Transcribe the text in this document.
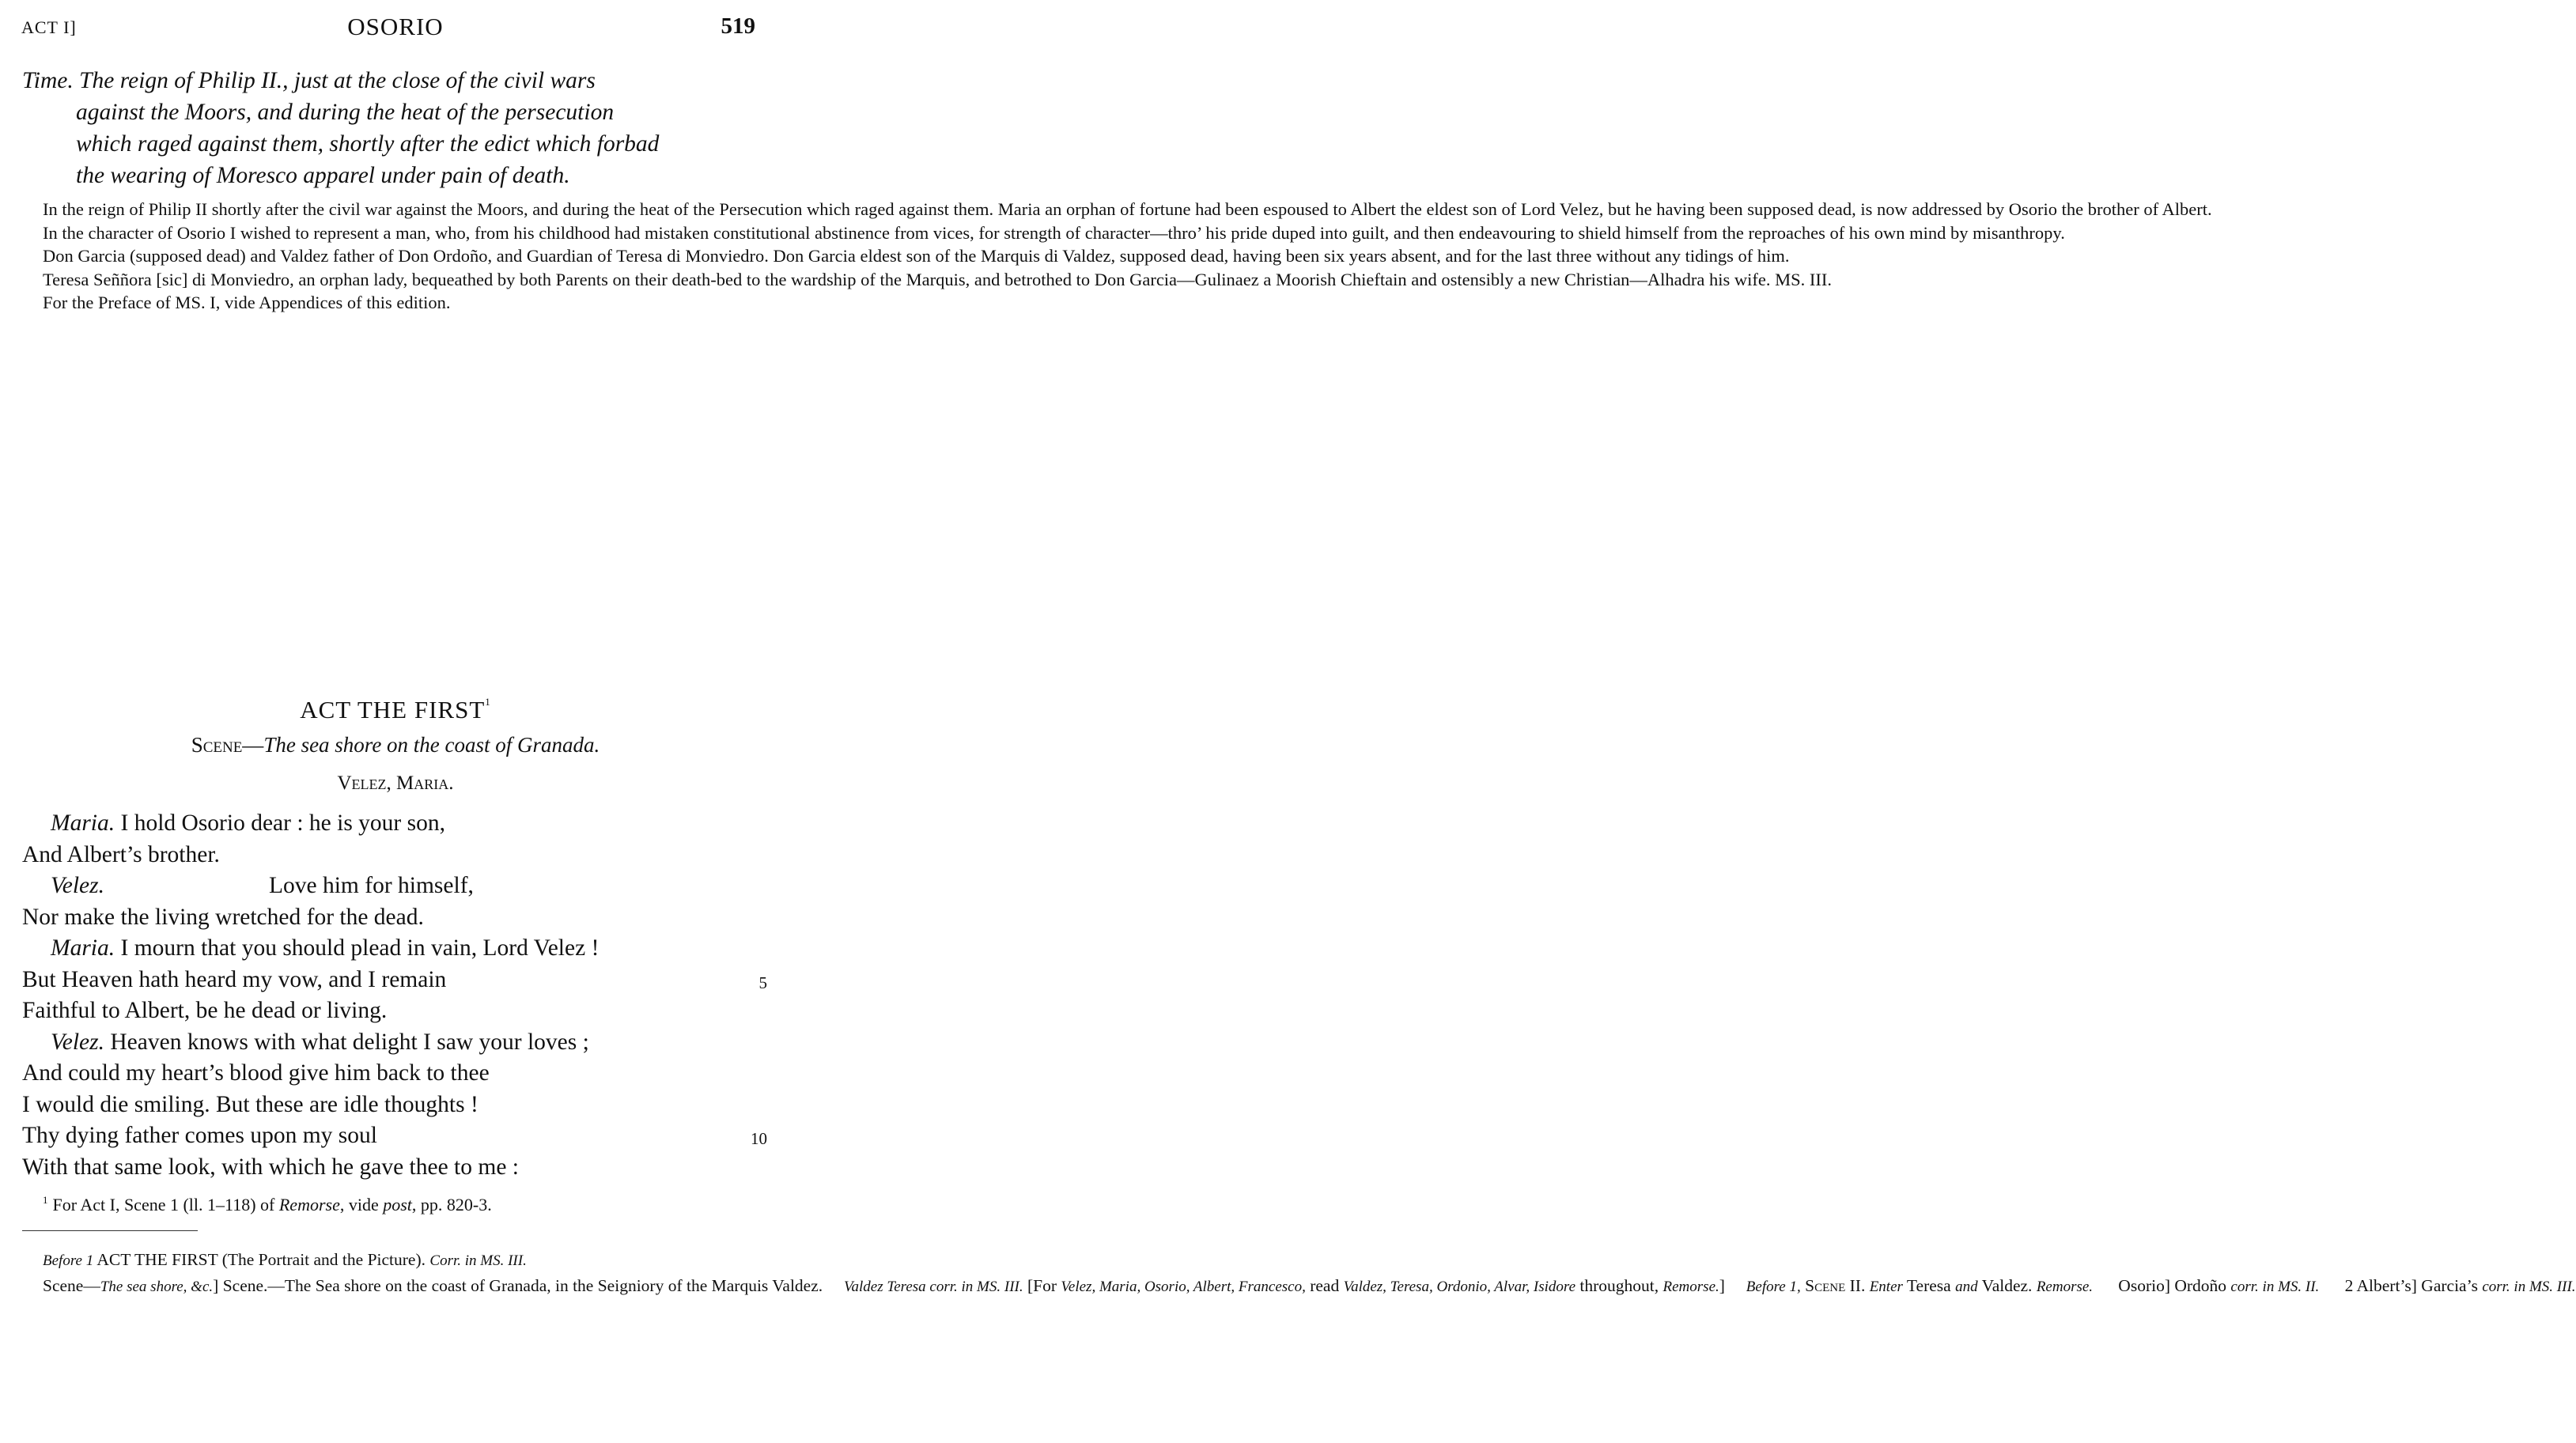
ACT I]	OSORIO	519
Time. The reign of Philip II., just at the close of the civil wars
against the Moors, and during the heat of the persecution
which raged against them, shortly after the edict which forbad
the wearing of Moresco apparel under pain of death.

In the reign of Philip II shortly after the civil war against the Moors, and during the heat of the Persecution which raged against them. Maria an orphan of fortune had been espoused to Albert the eldest son of Lord Velez, but he having been supposed dead, is now addressed by Osorio the brother of Albert.

In the character of Osorio I wished to represent a man, who, from his childhood had mistaken constitutional abstinence from vices, for strength of character—thro’ his pride duped into guilt, and then endeavouring to shield himself from the reproaches of his own mind by misanthropy.

Don Garcia (supposed dead) and Valdez father of Don Ordoño, and Guardian of Teresa di Monviedro. Don Garcia eldest son of the Marquis di Valdez, supposed dead, having been six years absent, and for the last three without any tidings of him.

Teresa Seññora [sic] di Monviedro, an orphan lady, bequeathed by both Parents on their death-bed to the wardship of the Marquis, and betrothed to Don Garcia—Gulinaez a Moorish Chieftain and ostensibly a new Christian—Alhadra his wife. MS. III.

For the Preface of MS. I, vide Appendices of this edition.

ACT THE FIRST$^1$
Scene—The sea shore on the coast of Granada.
Velez, Maria.
Maria. I hold Osorio dear : he is your son,
And Albert’s brother.
Velez.	Love him for himself,
Nor make the living wretched for the dead.
Maria. I mourn that you should plead in vain, Lord Velez !
But Heaven hath heard my vow, and I remain	5
Faithful to Albert, be he dead or living.
Velez. Heaven knows with what delight I saw your loves ;
And could my heart’s blood give him back to thee
I would die smiling. But these are idle thoughts !
Thy dying father comes upon my soul	10
With that same look, with which he gave thee to me :
$^1$ For Act I, Scene 1 (ll. 1–118) of Remorse, vide post, pp. 820-3.

Before 1 ACT THE FIRST (The Portrait and the Picture). Corr. in MS. III.

Scene—The sea shore, &c.] Scene.—The Sea shore on the coast of Granada, in the Seigniory of the Marquis Valdez. Valdez Teresa corr. in MS. III. [For Velez, Maria, Osorio, Albert, Francesco, read Valdez, Teresa, Ordonio, Alvar, Isidore throughout, Remorse.] Before 1, Scene II. Enter Teresa and Valdez. Remorse. Osorio] Ordoño corr. in MS. II. 2 Albert’s] Garcia’s corr. in MS. III.
